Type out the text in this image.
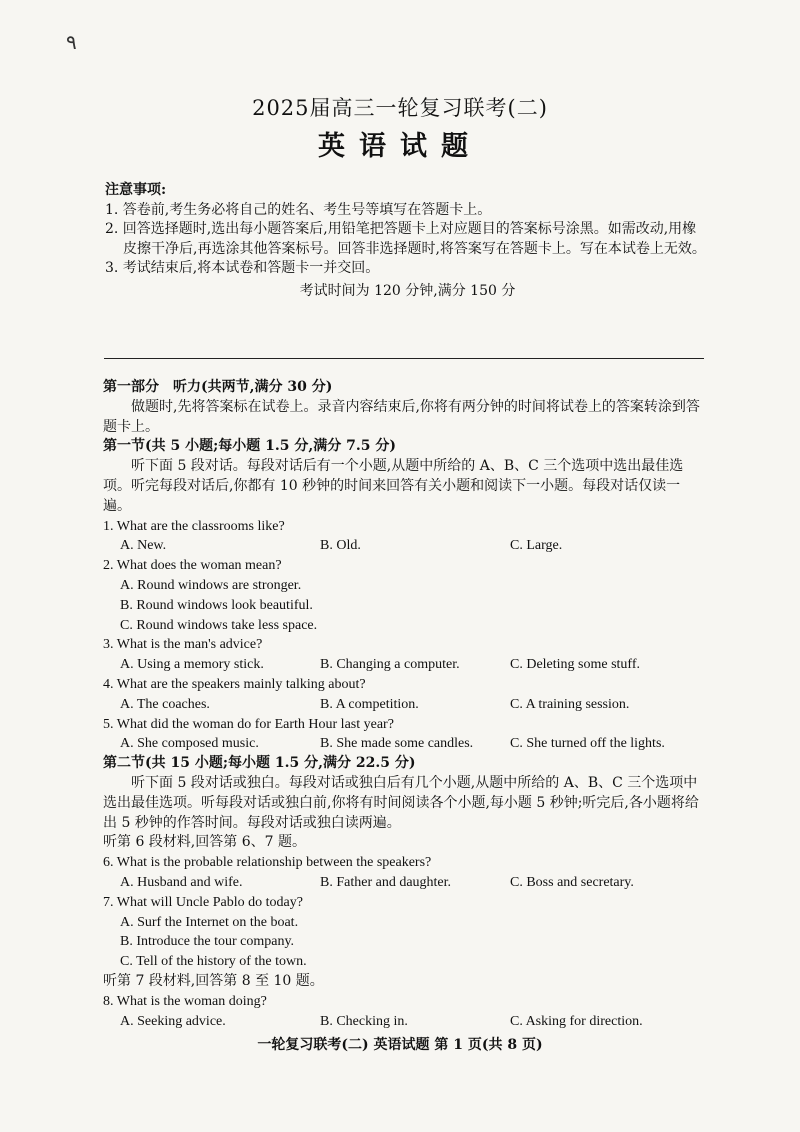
٩
2025届高三一轮复习联考(二)
英语试题
注意事项:
1. 答卷前,考生务必将自己的姓名、考生号等填写在答题卡上。
2. 回答选择题时,选出每小题答案后,用铅笔把答题卡上对应题目的答案标号涂黑。如需改动,用橡皮擦干净后,再选涂其他答案标号。回答非选择题时,将答案写在答题卡上。写在本试卷上无效。
3. 考试结束后,将本试卷和答题卡一并交回。
考试时间为 120 分钟,满分 150 分
第一部分　听力(共两节,满分 30 分)
做题时,先将答案标在试卷上。录音内容结束后,你将有两分钟的时间将试卷上的答案转涂到答题卡上。
第一节(共 5 小题;每小题 1.5 分,满分 7.5 分)
听下面 5 段对话。每段对话后有一个小题,从题中所给的 A、B、C 三个选项中选出最佳选项。听完每段对话后,你都有 10 秒钟的时间来回答有关小题和阅读下一小题。每段对话仅读一遍。
1. What are the classrooms like?
A. New.	B. Old.	C. Large.
2. What does the woman mean?
A. Round windows are stronger.
B. Round windows look beautiful.
C. Round windows take less space.
3. What is the man's advice?
A. Using a memory stick.	B. Changing a computer.	C. Deleting some stuff.
4. What are the speakers mainly talking about?
A. The coaches.	B. A competition.	C. A training session.
5. What did the woman do for Earth Hour last year?
A. She composed music.	B. She made some candles.	C. She turned off the lights.
第二节(共 15 小题;每小题 1.5 分,满分 22.5 分)
听下面 5 段对话或独白。每段对话或独白后有几个小题,从题中所给的 A、B、C 三个选项中选出最佳选项。听每段对话或独白前,你将有时间阅读各个小题,每小题 5 秒钟;听完后,各小题将给出 5 秒钟的作答时间。每段对话或独白读两遍。
听第 6 段材料,回答第 6、7 题。
6. What is the probable relationship between the speakers?
A. Husband and wife.	B. Father and daughter.	C. Boss and secretary.
7. What will Uncle Pablo do today?
A. Surf the Internet on the boat.
B. Introduce the tour company.
C. Tell of the history of the town.
听第 7 段材料,回答第 8 至 10 题。
8. What is the woman doing?
A. Seeking advice.	B. Checking in.	C. Asking for direction.
一轮复习联考(二) 英语试题 第 1 页(共 8 页)
